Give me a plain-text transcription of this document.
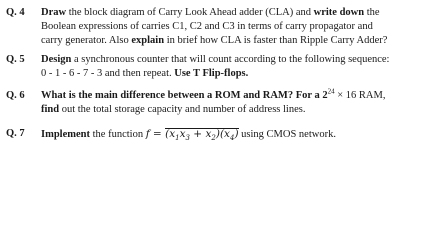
Q. 4 Draw the block diagram of Carry Look Ahead adder (CLA) and write down the
Boolean expressions of carries C1, C2 and C3 in terms of carry propagator and
carry generator. Also explain in brief how CLA is faster than Ripple Carry Adder?
Q. 5 Design a synchronous counter that will count according to the following sequence:
0 - 1 - 6 - 7 - 3 and then repeat. Use T Flip-flops.
Q. 6 What is the main difference between a ROM and RAM? For a $2^{24} \times 16$ RAM,
find out the total storage capacity and number of address lines.
Q. 7 Implement the function $f = (x_1x_3 + x_2)(x_4)$ using CMOS network.
